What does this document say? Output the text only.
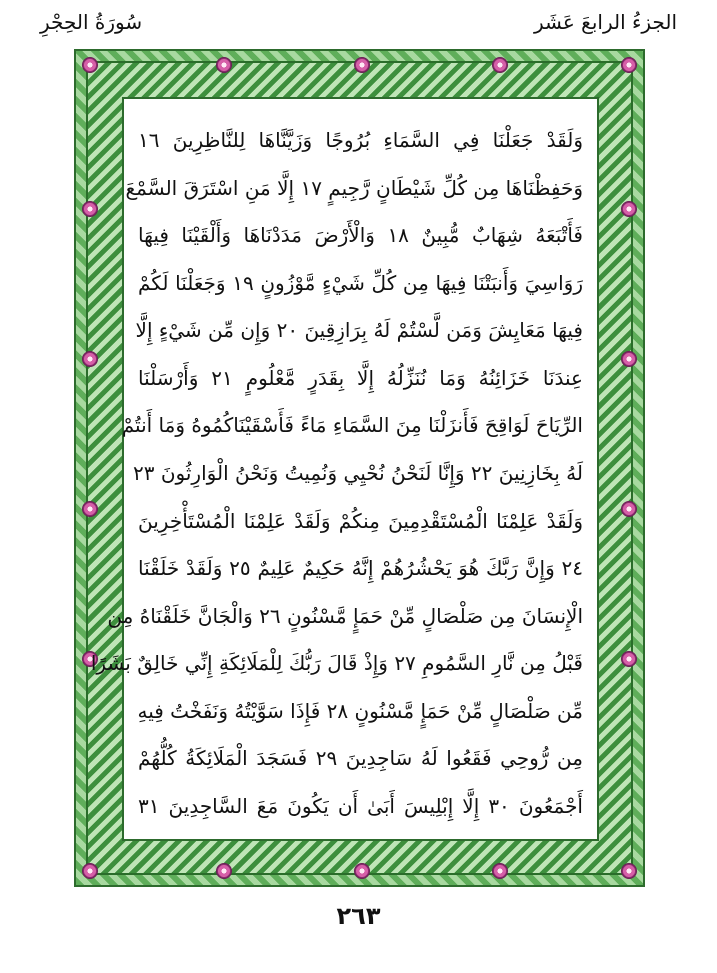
الجزءُ الرابعَ عَشَر
سُورَةُ الحِجْرِ
وَلَقَدْ جَعَلْنَا فِي السَّمَاءِ بُرُوجًا وَزَيَّنَّاهَا لِلنَّاظِرِينَ ١٦
وَحَفِظْنَاهَا مِن كُلِّ شَيْطَانٍ رَّجِيمٍ ١٧ إِلَّا مَنِ اسْتَرَقَ السَّمْعَ
فَأَتْبَعَهُ شِهَابٌ مُّبِينٌ ١٨ وَالْأَرْضَ مَدَدْنَاهَا وَأَلْقَيْنَا فِيهَا
رَوَاسِيَ وَأَنبَتْنَا فِيهَا مِن كُلِّ شَيْءٍ مَّوْزُونٍ ١٩ وَجَعَلْنَا لَكُمْ
فِيهَا مَعَايِشَ وَمَن لَّسْتُمْ لَهُ بِرَازِقِينَ ٢٠ وَإِن مِّن شَيْءٍ إِلَّا
عِندَنَا خَزَائِنُهُ وَمَا نُنَزِّلُهُ إِلَّا بِقَدَرٍ مَّعْلُومٍ ٢١ وَأَرْسَلْنَا
الرِّيَاحَ لَوَاقِحَ فَأَنزَلْنَا مِنَ السَّمَاءِ مَاءً فَأَسْقَيْنَاكُمُوهُ وَمَا أَنتُمْ
لَهُ بِخَازِنِينَ ٢٢ وَإِنَّا لَنَحْنُ نُحْيِي وَنُمِيتُ وَنَحْنُ الْوَارِثُونَ ٢٣
وَلَقَدْ عَلِمْنَا الْمُسْتَقْدِمِينَ مِنكُمْ وَلَقَدْ عَلِمْنَا الْمُسْتَأْخِرِينَ
٢٤ وَإِنَّ رَبَّكَ هُوَ يَحْشُرُهُمْ إِنَّهُ حَكِيمٌ عَلِيمٌ ٢٥ وَلَقَدْ خَلَقْنَا
الْإِنسَانَ مِن صَلْصَالٍ مِّنْ حَمَإٍ مَّسْنُونٍ ٢٦ وَالْجَانَّ خَلَقْنَاهُ مِن
قَبْلُ مِن نَّارِ السَّمُومِ ٢٧ وَإِذْ قَالَ رَبُّكَ لِلْمَلَائِكَةِ إِنِّي خَالِقٌ بَشَرًا
مِّن صَلْصَالٍ مِّنْ حَمَإٍ مَّسْنُونٍ ٢٨ فَإِذَا سَوَّيْتُهُ وَنَفَخْتُ فِيهِ
مِن رُّوحِي فَقَعُوا لَهُ سَاجِدِينَ ٢٩ فَسَجَدَ الْمَلَائِكَةُ كُلُّهُمْ
أَجْمَعُونَ ٣٠ إِلَّا إِبْلِيسَ أَبَىٰ أَن يَكُونَ مَعَ السَّاجِدِينَ ٣١
٢٦٣
